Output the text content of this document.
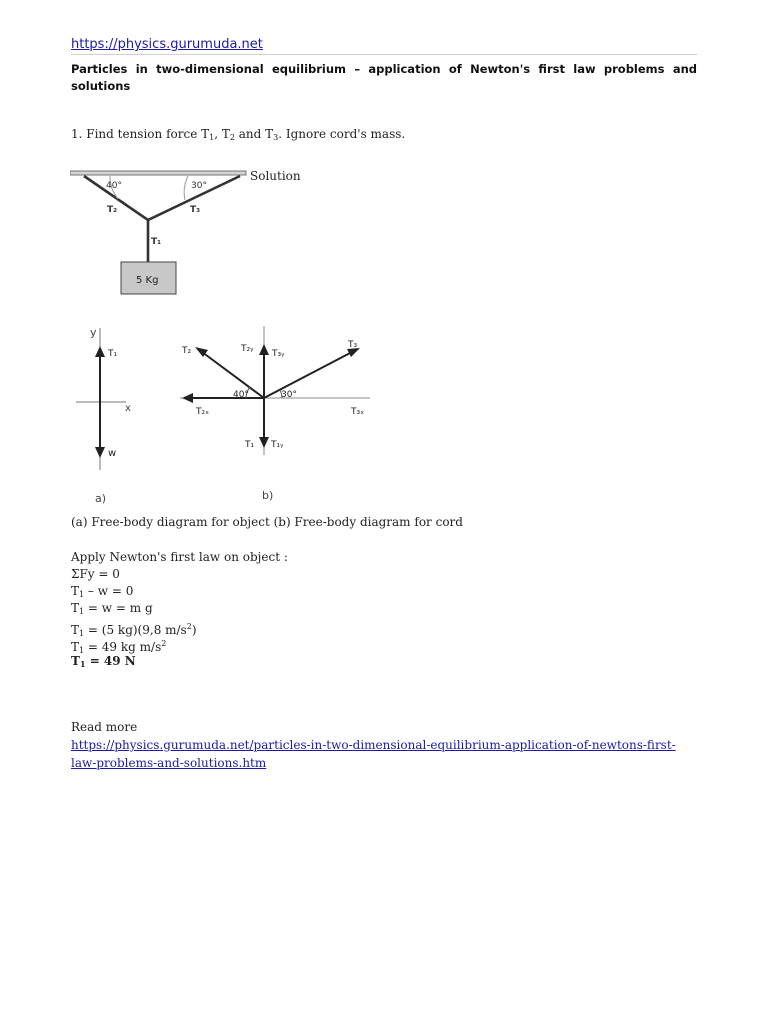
https://physics.gurumuda.net
Particles in two-dimensional equilibrium – application of Newton's first law problems and solutions
1. Find tension force $T_1$, $T_2$ and $T_3$. Ignore cord's mass.
Solution
40°	30°
T₂	T₃
T₁
5 Kg
y
x
T₁
w
a)
T₂
T₃
T₂ᵧ T₃ᵧ
T₂ₓ	T₃ₓ
T₁ T₁ᵧ
40°	30°
b)
(a) Free-body diagram for object (b) Free-body diagram for cord
Apply Newton's first law on object :
ΣFy = 0
$T_1 - w = 0$
$T_1 = w = m$ g
$T_1 = (5$ kg)(9,8 $m/s^2$)
$T_1 = 49$ kg $m/s^2$
$T_1 = 49$ N
Read more
https://physics.gurumuda.net/particles-in-two-dimensional-equilibrium-application-of-newtons-first-
law-problems-and-solutions.htm
